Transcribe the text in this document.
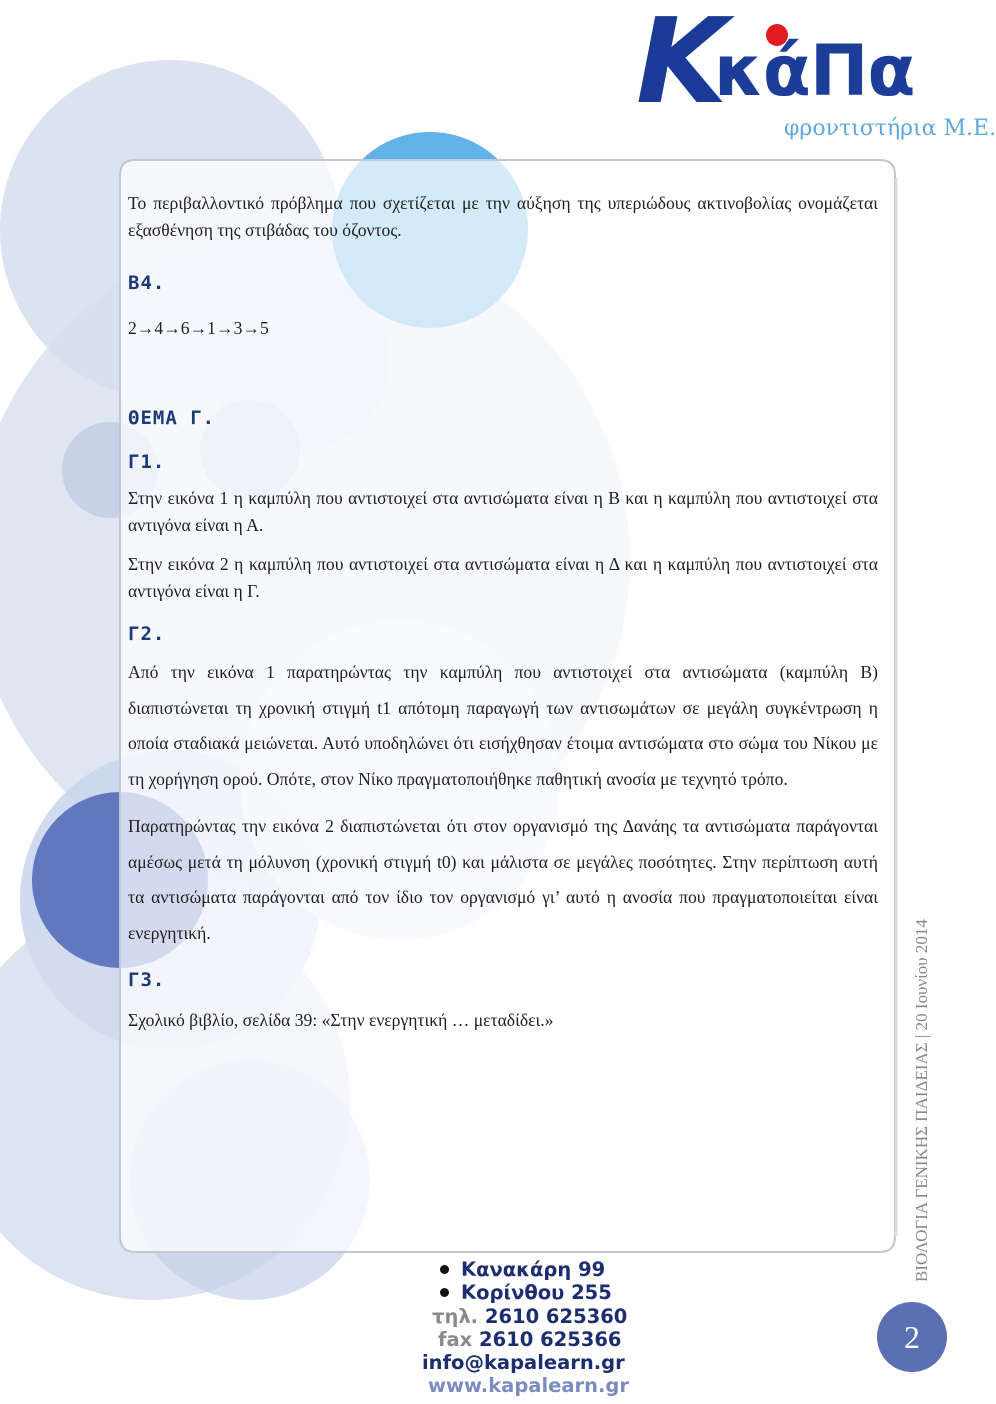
K
κάΠα
φροντιστήρια Μ.Ε.

Το περιβαλλοντικό πρόβλημα που σχετίζεται με την αύξηση της υπεριώδους ακτινοβολίας ονομάζεται εξασθένηση της στιβάδας του όζοντος.

Β4.

2→4→6→1→3→5

ΘΕΜΑ Γ.

Γ1.

Στην εικόνα 1 η καμπύλη που αντιστοιχεί στα αντισώματα είναι η Β και η καμπύλη που αντιστοιχεί στα αντιγόνα είναι η Α.

Στην εικόνα 2 η καμπύλη που αντιστοιχεί στα αντισώματα είναι η Δ και η καμπύλη που αντιστοιχεί στα αντιγόνα είναι η Γ.

Γ2.

Από την εικόνα 1 παρατηρώντας την καμπύλη που αντιστοιχεί στα αντισώματα (καμπύλη Β) διαπιστώνεται τη χρονική στιγμή t1 απότομη παραγωγή των αντισωμάτων σε μεγάλη συγκέντρωση η οποία σταδιακά μειώνεται. Αυτό υποδηλώνει ότι εισήχθησαν έτοιμα αντισώματα στο σώμα του Νίκου με τη χορήγηση ορού. Οπότε, στον Νίκο πραγματοποιήθηκε παθητική ανοσία με τεχνητό τρόπο.

Παρατηρώντας την εικόνα 2 διαπιστώνεται ότι στον οργανισμό της Δανάης τα αντισώματα παράγονται αμέσως μετά τη μόλυνση (χρονική στιγμή t0) και μάλιστα σε μεγάλες ποσότητες. Στην περίπτωση αυτή τα αντισώματα παράγονται από τον ίδιο τον οργανισμό γι’ αυτό η ανοσία που πραγματοποιείται είναι ενεργητική.

Γ3.

Σχολικό βιβλίο, σελίδα 39: «Στην ενεργητική … μεταδίδει.»	ΒΙΟΛΟΓΙΑ ΓΕΝΙΚΗΣ ΠΑΙΔΕΙΑΣ | 20 Ιουνίου 2014
2
Κανακάρη 99
Κορίνθου 255
τηλ. 2610 625360
fax 2610 625366
info@kapalearn.gr
www.kapalearn.gr
